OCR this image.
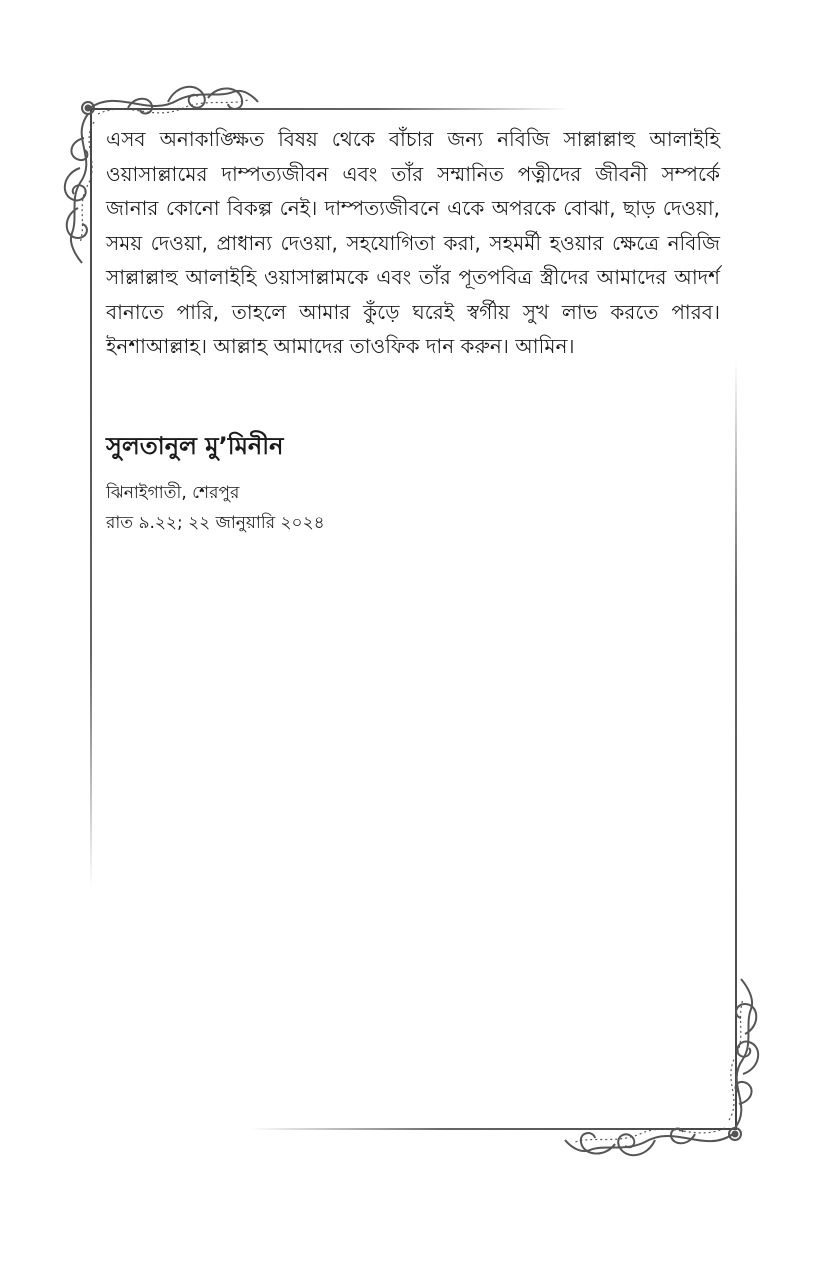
এসব অনাকাঙ্ক্ষিত বিষয় থেকে বাঁচার জন্য নবিজি সাল্লাল্লাহু আলাইহি ওয়াসাল্লামের দাম্পত্যজীবন এবং তাঁর সম্মানিত পত্নীদের জীবনী সম্পর্কে জানার কোনো বিকল্প নেই। দাম্পত্যজীবনে একে অপরকে বোঝা, ছাড় দেওয়া, সময় দেওয়া, প্রাধান্য দেওয়া, সহযোগিতা করা, সহমর্মী হওয়ার ক্ষেত্রে নবিজি সাল্লাল্লাহু আলাইহি ওয়াসাল্লামকে এবং তাঁর পূতপবিত্র স্ত্রীদের আমাদের আদর্শ বানাতে পারি, তাহলে আমার কুঁড়ে ঘরেই স্বর্গীয় সুখ লাভ করতে পারব। ইনশাআল্লাহ। আল্লাহ আমাদের তাওফিক দান করুন। আমিন।

সুলতানুল মু’মিনীন

ঝিনাইগাতী, শেরপুর

রাত ৯.২২; ২২ জানুয়ারি ২০২৪
